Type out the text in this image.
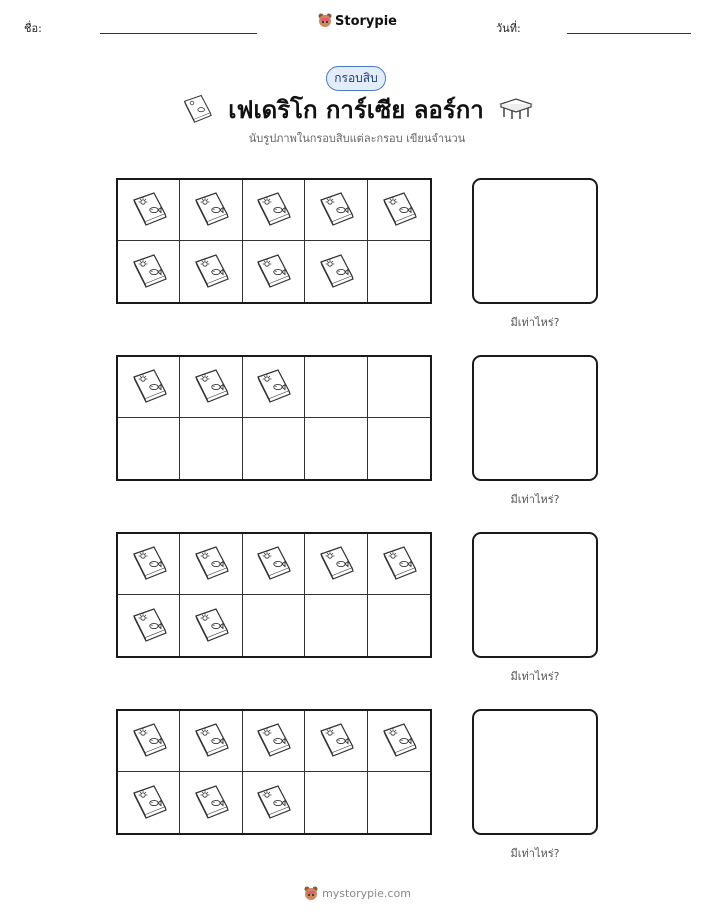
ชื่อ:	Storypie	วันที่:
กรอบสิบ
เฟเดริโก การ์เซีย ลอร์กา
นับรูปภาพในกรอบสิบแต่ละกรอบ เขียนจำนวน
มีเท่าไหร่?
มีเท่าไหร่?
มีเท่าไหร่?
มีเท่าไหร่?
mystorypie.com
